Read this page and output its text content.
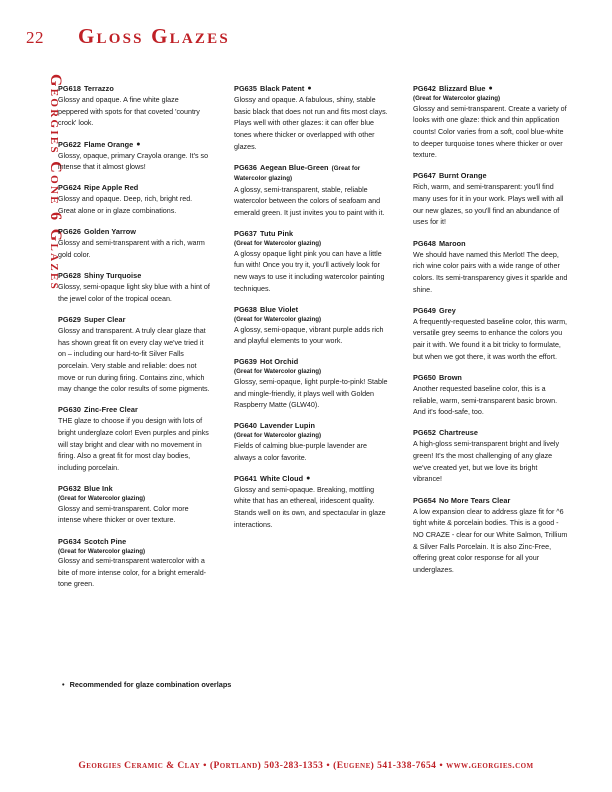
22	Gloss Glazes
Georgies Cone 6 Glazes
PG618 Terrazzo
Glossy and opaque. A fine white glaze peppered with spots for that coveted 'country crock' look.
PG622 Flame Orange ●
Glossy, opaque, primary Crayola orange. It's so intense that it almost glows!
PG624 Ripe Apple Red
Glossy and opaque. Deep, rich, bright red. Great alone or in glaze combinations.
PG626 Golden Yarrow
Glossy and semi-transparent with a rich, warm gold color.
PG628 Shiny Turquoise
Glossy, semi-opaque light sky blue with a hint of the jewel color of the tropical ocean.
PG629 Super Clear
Glossy and transparent. A truly clear glaze that has shown great fit on every clay we've tried it on – including our hard-to-fit Silver Falls porcelain. Very stable and reliable: does not move or run during firing. Contains zinc, which may change the color results of some pigments.
PG630 Zinc-Free Clear
THE glaze to choose if you design with lots of bright underglaze color! Even purples and pinks will stay bright and clear with no movement in firing. Also a great fit for most clay bodies, including porcelain.
PG632 Blue Ink
(Great for Watercolor glazing)
Glossy and semi-transparent. Color more intense where thicker or over texture.
PG634 Scotch Pine
(Great for Watercolor glazing)
Glossy and semi-transparent watercolor with a bite of more intense color, for a bright emerald-tone green.
PG635 Black Patent ●
Glossy and opaque. A fabulous, shiny, stable basic black that does not run and fits most clays. Plays well with other glazes: it can offer blue tones where thicker or overlapped with other glazes.
PG636 Aegean Blue-Green (Great for Watercolor glazing)
A glossy, semi-transparent, stable, reliable watercolor between the colors of seafoam and emerald green. It just invites you to paint with it.
PG637 Tutu Pink
(Great for Watercolor glazing)
A glossy opaque light pink you can have a little fun with! Once you try it, you'll actively look for new ways to use it including watercolor painting techniques.
PG638 Blue Violet
(Great for Watercolor glazing)
A glossy, semi-opaque, vibrant purple adds rich and playful elements to your work.
PG639 Hot Orchid
(Great for Watercolor glazing)
Glossy, semi-opaque, light purple-to-pink! Stable and mingle-friendly, it plays well with Golden Raspberry Matte (GLW40).
PG640 Lavender Lupin
(Great for Watercolor glazing)
Fields of calming blue-purple lavender are always a color favorite.
PG641 White Cloud ●
Glossy and semi-opaque. Breaking, mottling white that has an ethereal, iridescent quality. Stands well on its own, and spectacular in glaze interactions.
PG642 Blizzard Blue ●
(Great for Watercolor glazing)
Glossy and semi-transparent. Create a variety of looks with one glaze: thick and thin application counts! Color varies from a soft, cool blue-white to deeper turquoise tones where thicker or over texture.
PG647 Burnt Orange
Rich, warm, and semi-transparent: you'll find many uses for it in your work. Plays well with all our new glazes, so you'll find an abundance of uses for it!
PG648 Maroon
We should have named this Merlot! The deep, rich wine color pairs with a wide range of other colors. Its semi-transparency gives it sparkle and shine.
PG649 Grey
A frequently-requested baseline color, this warm, versatile grey seems to enhance the colors you pair it with. We found it a bit tricky to formulate, but when we got there, it was worth the effort.
PG650 Brown
Another requested baseline color, this is a reliable, warm, semi-transparent basic brown. And it's food-safe, too.
PG652 Chartreuse
A high-gloss semi-transparent bright and lively green! It's the most challenging of any glaze we've created yet, but we love its bright vibrance!
PG654 No More Tears Clear
A low expansion clear to address glaze fit for ^6 tight white & porcelain bodies. This is a good - NO CRAZE - clear for our White Salmon, Trillium & Silver Falls Porcelain. It is also Zinc-Free, offering great color response for all your underglazes.
• Recommended for glaze combination overlaps
Georgies Ceramic & Clay • (Portland) 503-283-1353 • (Eugene) 541-338-7654 • www.georgies.com
